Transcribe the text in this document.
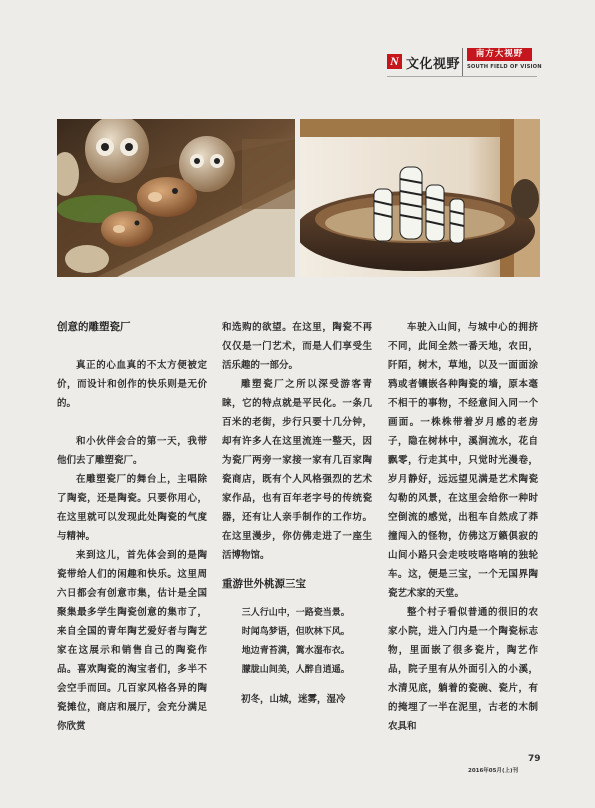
N 文化视野
南方大视野
SOUTH FIELD OF VISION
创意的雕塑瓷厂

真正的心血真的不太方便被定价，而设计和创作的快乐则是无价的。

和小伙伴会合的第一天，我带他们去了雕塑瓷厂。

在雕塑瓷厂的舞台上，主唱除了陶瓷，还是陶瓷。只要你用心，在这里就可以发现此处陶瓷的气度与精神。

来到这儿，首先体会到的是陶瓷带给人们的闲趣和快乐。这里周六日都会有创意市集，估计是全国聚集最多学生陶瓷创意的集市了，来自全国的青年陶艺爱好者与陶艺家在这展示和销售自己的陶瓷作品。喜欢陶瓷的淘宝者们，多半不会空手而回。几百家风格各异的陶瓷摊位，商店和展厅，会充分满足你欣赏

和选购的欲望。在这里，陶瓷不再仅仅是一门艺术，而是人们享受生活乐趣的一部分。

雕塑瓷厂之所以深受游客青睐，它的特点就是平民化。一条几百米的老街，步行只要十几分钟，却有许多人在这里流连一整天，因为瓷厂两旁一家接一家有几百家陶瓷商店，既有个人风格强烈的艺术家作品，也有百年老字号的传统瓷器，还有让人亲手制作的工作坊。在这里漫步，你仿佛走进了一座生活博物馆。

重游世外桃源三宝
三人行山中，一路瓷当景。
时闻鸟梦语，但吹林下风。
地边青苔满，篱水湿布衣。
朦胧山间美，人醉自逍遥。

初冬，山城，迷雾，湿冷

车驶入山间，与城中心的拥挤不同，此间全然一番天地，农田，阡陌，树木，草地，以及一面面涂鸦或者镶嵌各种陶瓷的墙，原本毫不相干的事物，不经意间入同一个画面。一株株带着岁月感的老房子，隐在树林中，溪涧流水，花自飘零，行走其中，只觉时光漫卷，岁月静好，远远望见满是艺术陶瓷勾勒的风景，在这里会给你一种时空倒流的感觉，出租车自然成了莽撞闯入的怪物，仿佛这万籁俱寂的山间小路只会走吱吱咯咯响的独轮车。这，便是三宝，一个无国界陶瓷艺术家的天堂。

整个村子看似普通的很旧的农家小院，进入门内是一个陶瓷标志物，里面嵌了很多瓷片，陶艺作品，院子里有从外面引入的小溪，水清见底，躺着的瓷碗、瓷片，有的掩埋了一半在泥里，古老的木制农具和

79
2016年05月(上)刊
